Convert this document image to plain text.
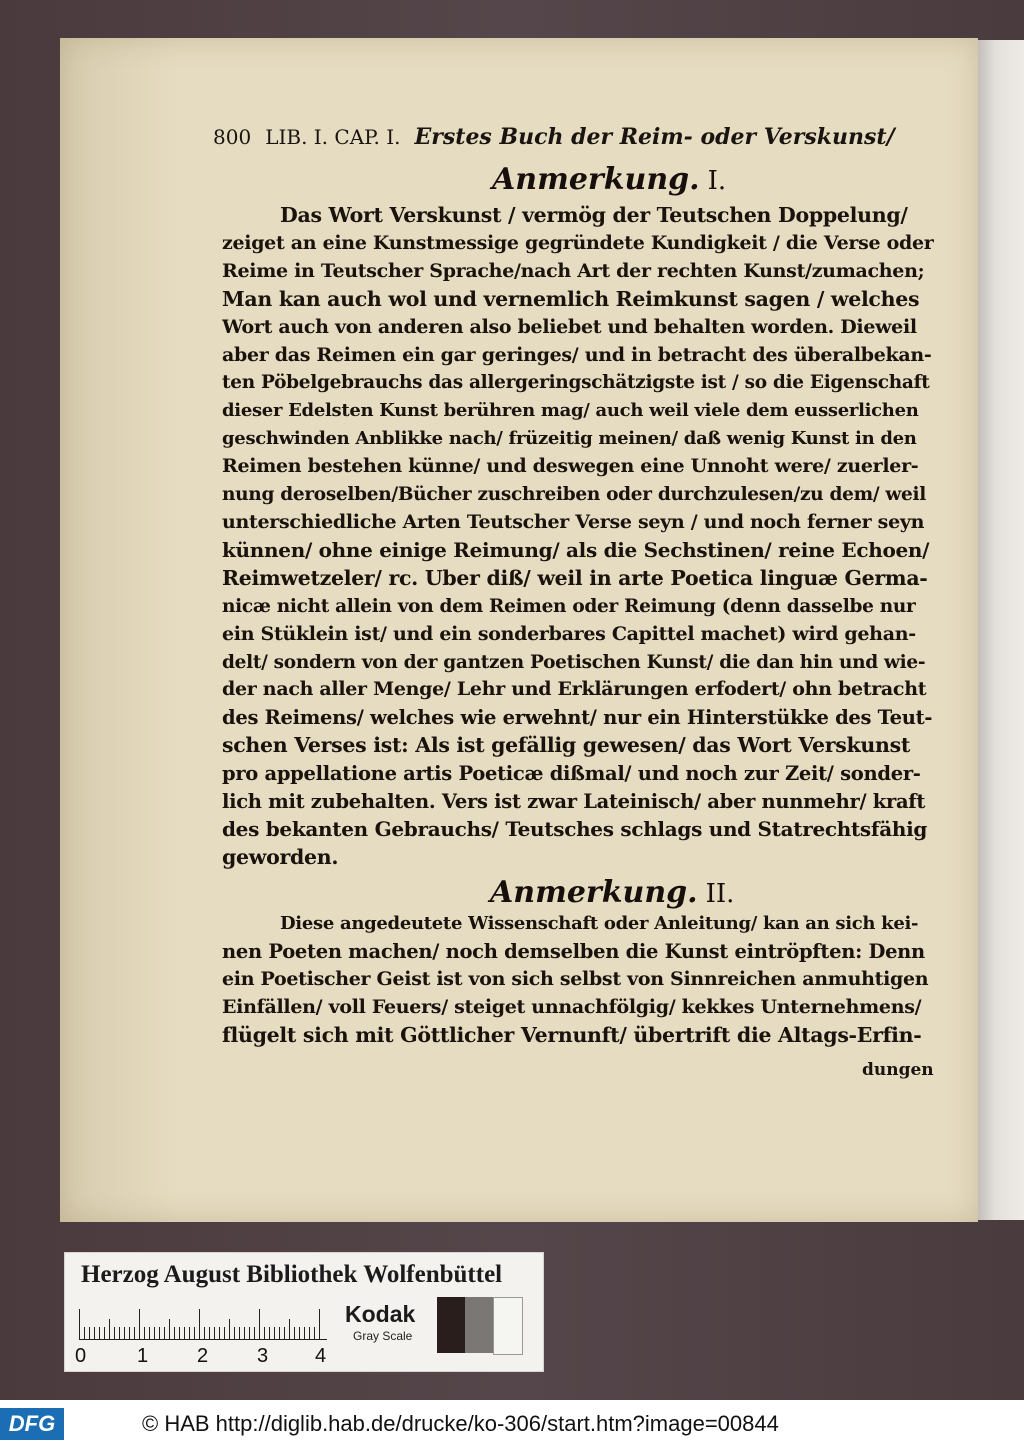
800 LIB. I. CAP. I. Erstes Buch der Reim- oder Verskunst/
Anmerkung. I.
Das Wort Verskunst / vermög der Teutschen Doppelung/
zeiget an eine Kunstmessige gegründete Kundigkeit / die Verse oder
Reime in Teutscher Sprache/nach Art der rechten Kunst/zumachen;
Man kan auch wol und vernemlich Reimkunst sagen / welches
Wort auch von anderen also beliebet und behalten worden. Dieweil
aber das Reimen ein gar geringes/ und in betracht des überalbekan-
ten Pöbelgebrauchs das allergeringschätzigste ist / so die Eigenschaft
dieser Edelsten Kunst berühren mag/ auch weil viele dem eusserlichen
geschwinden Anblikke nach/ früzeitig meinen/ daß wenig Kunst in den
Reimen bestehen künne/ und deswegen eine Unnoht were/ zuerler-
nung deroselben/Bücher zuschreiben oder durchzulesen/zu dem/ weil
unterschiedliche Arten Teutscher Verse seyn / und noch ferner seyn
künnen/ ohne einige Reimung/ als die Sechstinen/ reine Echoen/
Reimwetzeler/ rc. Uber diß/ weil in arte Poetica linguæ Germa-
nicæ nicht allein von dem Reimen oder Reimung (denn dasselbe nur
ein Stüklein ist/ und ein sonderbares Capittel machet) wird gehan-
delt/ sondern von der gantzen Poetischen Kunst/ die dan hin und wie-
der nach aller Menge/ Lehr und Erklärungen erfodert/ ohn betracht
des Reimens/ welches wie erwehnt/ nur ein Hinterstükke des Teut-
schen Verses ist: Als ist gefällig gewesen/ das Wort Verskunst
pro appellatione artis Poeticæ dißmal/ und noch zur Zeit/ sonder-
lich mit zubehalten. Vers ist zwar Lateinisch/ aber nunmehr/ kraft
des bekanten Gebrauchs/ Teutsches schlags und Statrechtsfähig
geworden.
Anmerkung. II.
Diese angedeutete Wissenschaft oder Anleitung/ kan an sich kei-
nen Poeten machen/ noch demselben die Kunst eintröpften: Denn
ein Poetischer Geist ist von sich selbst von Sinnreichen anmuhtigen
Einfällen/ voll Feuers/ steiget unnachfölgig/ kekkes Unternehmens/
flügelt sich mit Göttlicher Vernunft/ übertrift die Altags-Erfin-
dungen
Herzog August Bibliothek Wolfenbüttel
0	1 2 3 4
Kodak
Gray Scale
DFG	© HAB http://diglib.hab.de/drucke/ko-306/start.htm?image=00844
